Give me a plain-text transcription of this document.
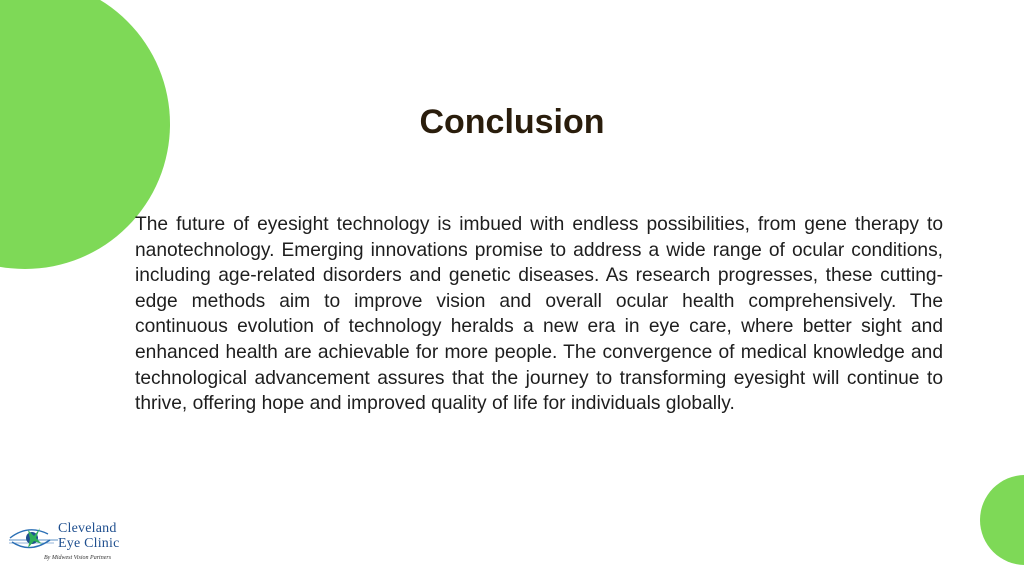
Conclusion

The future of eyesight technology is imbued with endless possibilities, from gene therapy to nanotechnology. Emerging innovations promise to address a wide range of ocular conditions, including age-related disorders and genetic diseases. As research progresses, these cutting-edge methods aim to improve vision and overall ocular health comprehensively. The continuous evolution of technology heralds a new era in eye care, where better sight and enhanced health are achievable for more people. The convergence of medical knowledge and technological advancement assures that the journey to transforming eyesight will continue to thrive, offering hope and improved quality of life for individuals globally.

Cleveland
Eye Clinic
By Midwest Vision Partners
